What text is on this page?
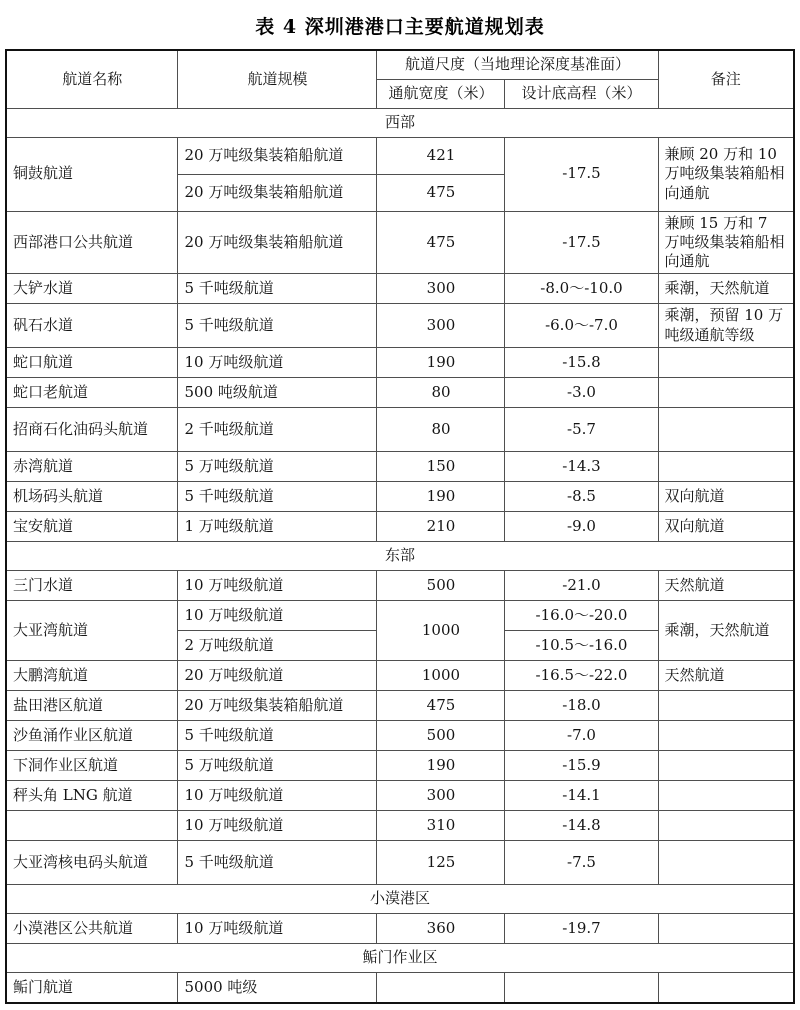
表 4 深圳港港口主要航道规划表
航道名称	航道规模	航道尺度（当地理论深度基准面）		备注
		通航宽度（米）	设计底高程（米）	
西部				
铜鼓航道	20 万吨级集装箱船航道	421	-17.5	兼顾 20 万和 10 万吨级集装箱船相向通航
	20 万吨级集装箱船航道	475		
西部港口公共航道	20 万吨级集装箱船航道	475	-17.5	兼顾 15 万和 7 万吨级集装箱船相向通航
大铲水道	5 千吨级航道	300	-8.0～-10.0	乘潮，天然航道
矾石水道	5 千吨级航道	300	-6.0～-7.0	乘潮，预留 10 万吨级通航等级
蛇口航道	10 万吨级航道	190	-15.8	
蛇口老航道	500 吨级航道	80	-3.0	
招商石化油码头航道	2 千吨级航道	80	-5.7	
赤湾航道	5 万吨级航道	150	-14.3	
机场码头航道	5 千吨级航道	190	-8.5	双向航道
宝安航道	1 万吨级航道	210	-9.0	双向航道
东部				
三门水道	10 万吨级航道	500	-21.0	天然航道
大亚湾航道	10 万吨级航道	1000	-16.0～-20.0	乘潮，天然航道
	2 万吨级航道		-10.5～-16.0	
大鹏湾航道	20 万吨级航道	1000	-16.5～-22.0	天然航道
盐田港区航道	20 万吨级集装箱船航道	475	-18.0	
沙鱼涌作业区航道	5 千吨级航道	500	-7.0	
下洞作业区航道	5 万吨级航道	190	-15.9	
秤头角 LNG 航道	10 万吨级航道	300	-14.1	
	10 万吨级航道	310	-14.8	
大亚湾核电码头航道	5 千吨级航道	125	-7.5	
小漠港区				
小漠港区公共航道	10 万吨级航道	360	-19.7	
鲘门作业区				
鲘门航道	5000 吨级			
